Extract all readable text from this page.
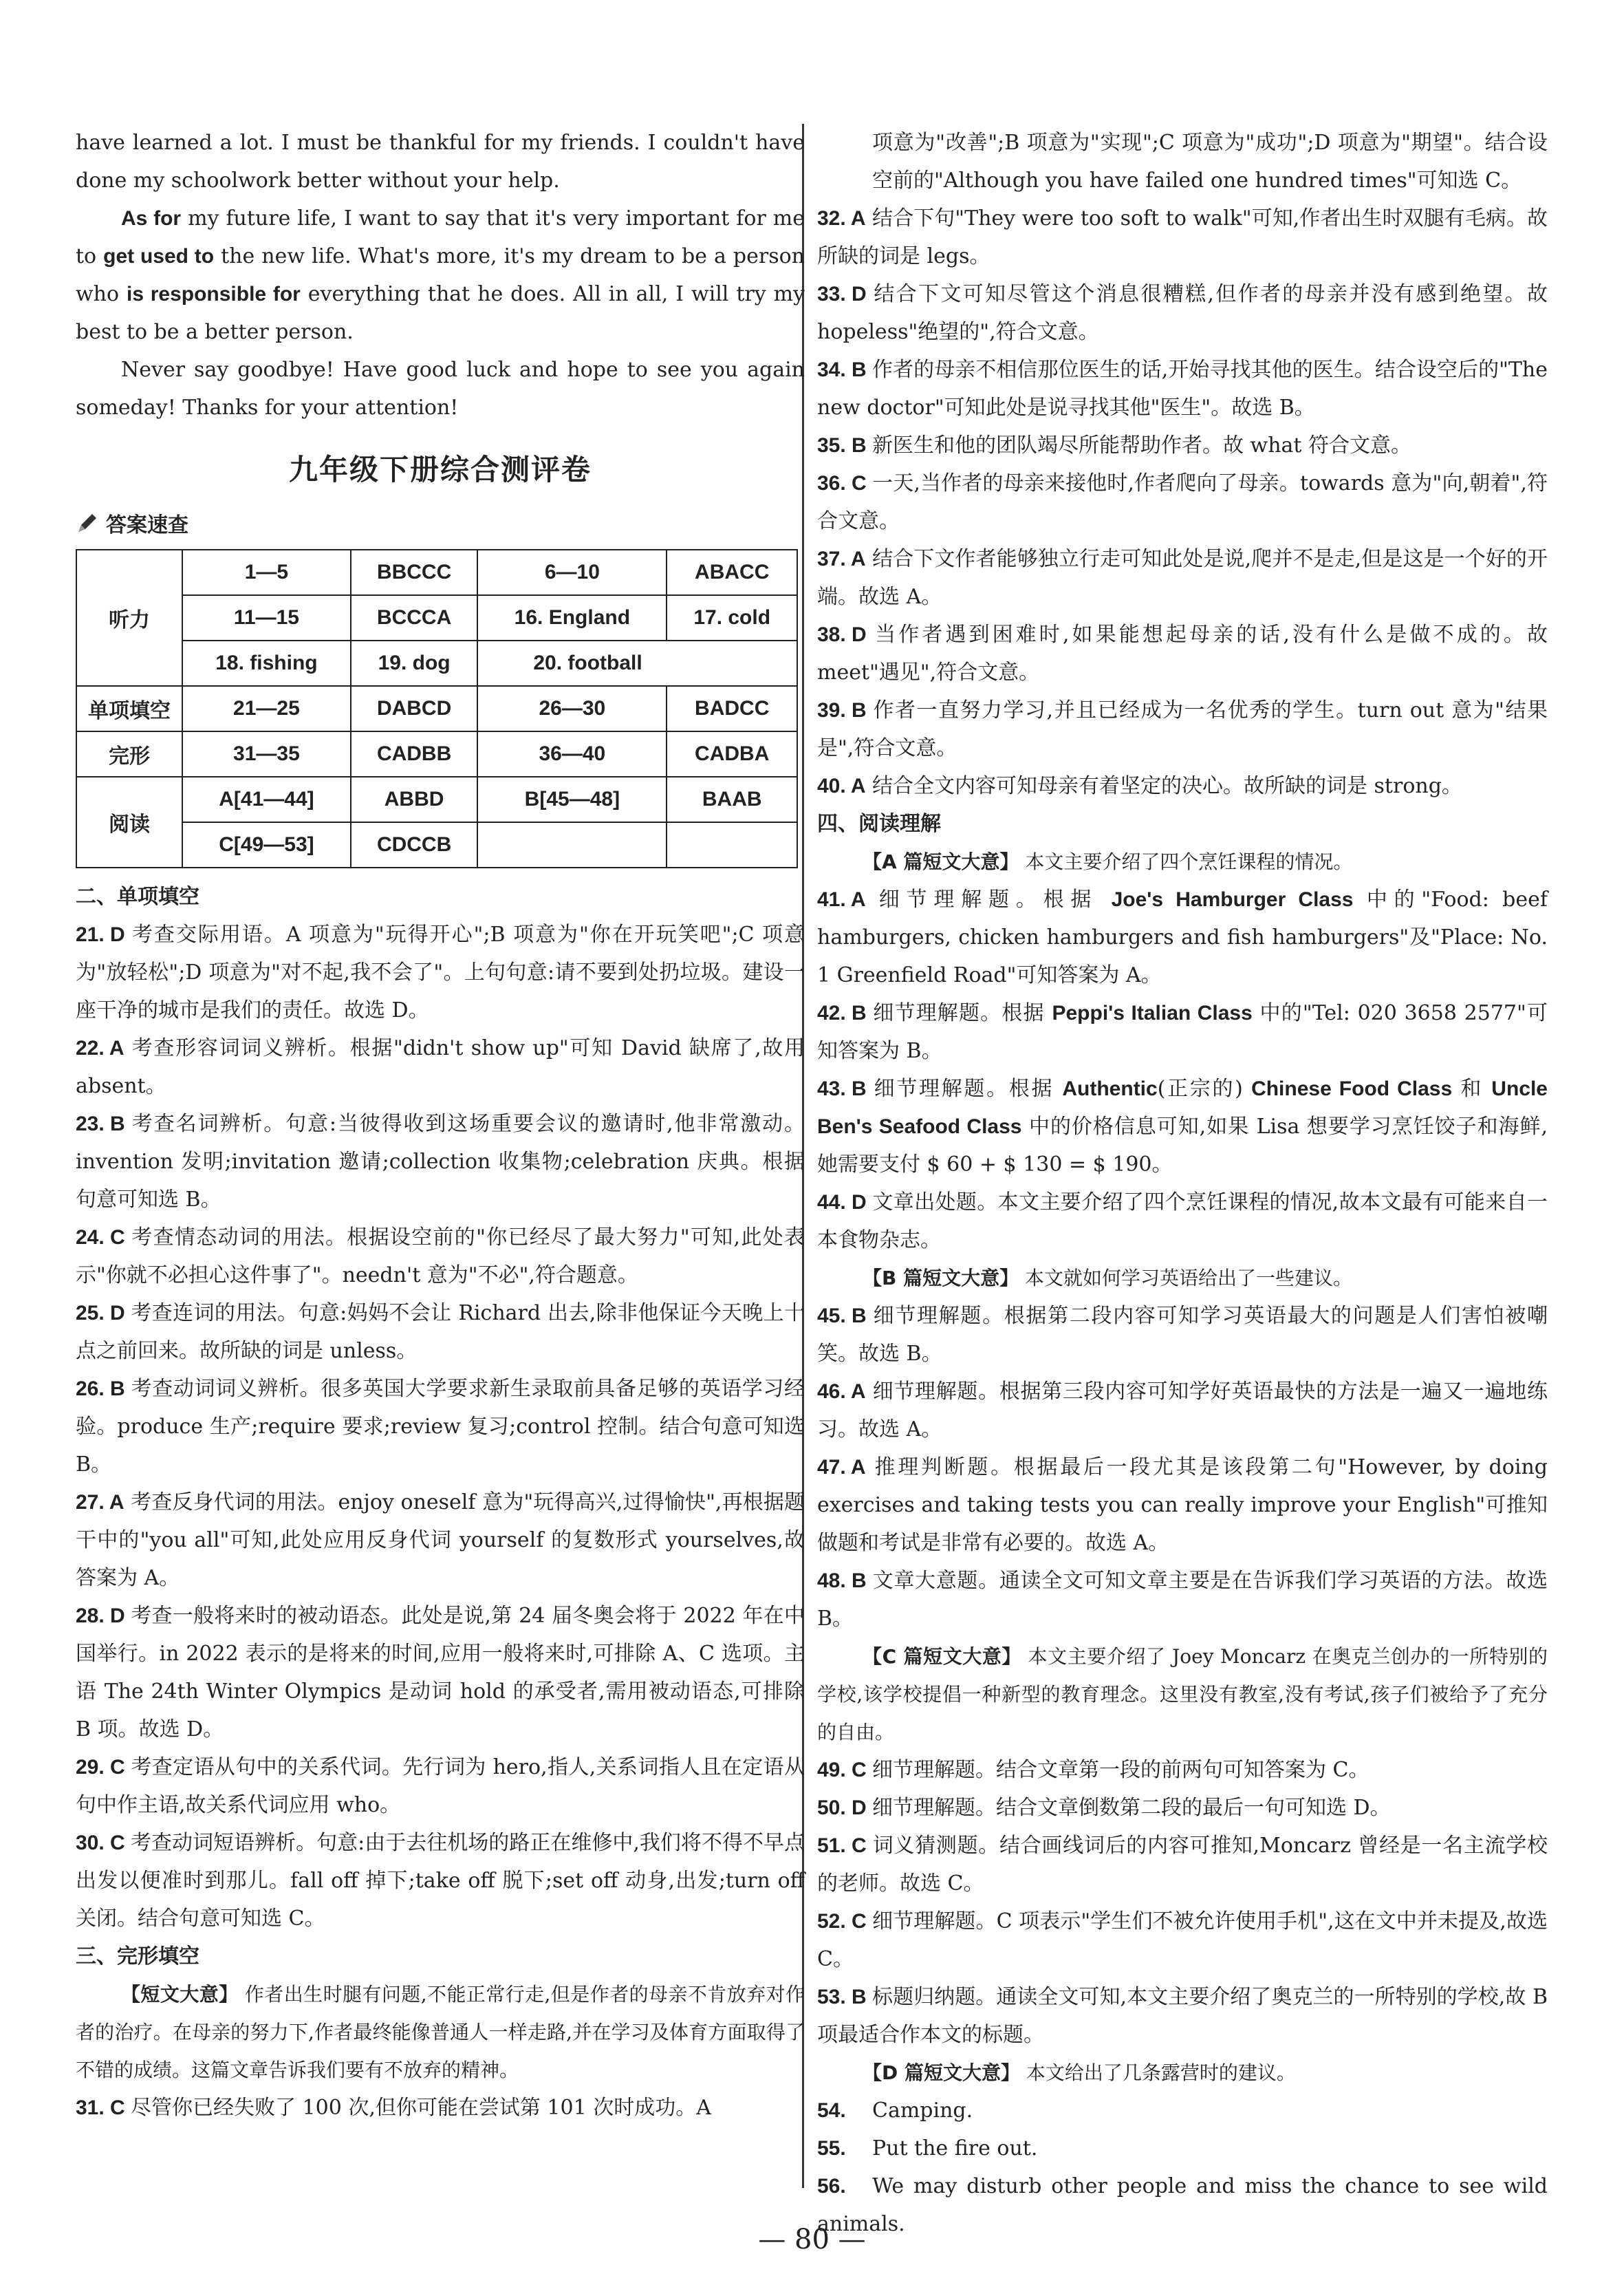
have learned a lot. I must be thankful for my friends. I couldn't have done my schoolwork better without your help.

As for my future life, I want to say that it's very important for me to get used to the new life. What's more, it's my dream to be a person who is responsible for everything that he does. All in all, I will try my best to be a better person.

Never say goodbye! Have good luck and hope to see you again someday! Thanks for your attention!

九年级下册综合测评卷
答案速查
听力	1—5	BBCCC	6—10	ABACC
	11—15	BCCCA	16. England	17. cold
	18. fishing	19. dog	20. football	
单项填空	21—25	DABCD	26—30	BADCC
完形	31—35	CADBB	36—40	CADBA
阅读	A[41—44]	ABBD	B[45—48]	BAAB
	C[49—53]	CDCCB		

二、单项填空

21. D 考查交际用语。A 项意为"玩得开心";B 项意为"你在开玩笑吧";C 项意为"放轻松";D 项意为"对不起,我不会了"。上句句意:请不要到处扔垃圾。建设一座干净的城市是我们的责任。故选 D。

22. A 考查形容词词义辨析。根据"didn't show up"可知 David 缺席了,故用 absent。

23. B 考查名词辨析。句意:当彼得收到这场重要会议的邀请时,他非常激动。invention 发明;invitation 邀请;collection 收集物;celebration 庆典。根据句意可知选 B。

24. C 考查情态动词的用法。根据设空前的"你已经尽了最大努力"可知,此处表示"你就不必担心这件事了"。needn't 意为"不必",符合题意。

25. D 考查连词的用法。句意:妈妈不会让 Richard 出去,除非他保证今天晚上十点之前回来。故所缺的词是 unless。

26. B 考查动词词义辨析。很多英国大学要求新生录取前具备足够的英语学习经验。produce 生产;require 要求;review 复习;control 控制。结合句意可知选 B。

27. A 考查反身代词的用法。enjoy oneself 意为"玩得高兴,过得愉快",再根据题干中的"you all"可知,此处应用反身代词 yourself 的复数形式 yourselves,故答案为 A。

28. D 考查一般将来时的被动语态。此处是说,第 24 届冬奥会将于 2022 年在中国举行。in 2022 表示的是将来的时间,应用一般将来时,可排除 A、C 选项。主语 The 24th Winter Olympics 是动词 hold 的承受者,需用被动语态,可排除 B 项。故选 D。

29. C 考查定语从句中的关系代词。先行词为 hero,指人,关系词指人且在定语从句中作主语,故关系代词应用 who。

30. C 考查动词短语辨析。句意:由于去往机场的路正在维修中,我们将不得不早点出发以便准时到那儿。fall off 掉下;take off 脱下;set off 动身,出发;turn off 关闭。结合句意可知选 C。

三、完形填空

【短文大意】 作者出生时腿有问题,不能正常行走,但是作者的母亲不肯放弃对作者的治疗。在母亲的努力下,作者最终能像普通人一样走路,并在学习及体育方面取得了不错的成绩。这篇文章告诉我们要有不放弃的精神。

31. C 尽管你已经失败了 100 次,但你可能在尝试第 101 次时成功。A

项意为"改善";B 项意为"实现";C 项意为"成功";D 项意为"期望"。结合设空前的"Although you have failed one hundred times"可知选 C。

32. A 结合下句"They were too soft to walk"可知,作者出生时双腿有毛病。故所缺的词是 legs。

33. D 结合下文可知尽管这个消息很糟糕,但作者的母亲并没有感到绝望。故 hopeless"绝望的",符合文意。

34. B 作者的母亲不相信那位医生的话,开始寻找其他的医生。结合设空后的"The new doctor"可知此处是说寻找其他"医生"。故选 B。

35. B 新医生和他的团队竭尽所能帮助作者。故 what 符合文意。

36. C 一天,当作者的母亲来接他时,作者爬向了母亲。towards 意为"向,朝着",符合文意。

37. A 结合下文作者能够独立行走可知此处是说,爬并不是走,但是这是一个好的开端。故选 A。

38. D 当作者遇到困难时,如果能想起母亲的话,没有什么是做不成的。故 meet"遇见",符合文意。

39. B 作者一直努力学习,并且已经成为一名优秀的学生。turn out 意为"结果是",符合文意。

40. A 结合全文内容可知母亲有着坚定的决心。故所缺的词是 strong。

四、阅读理解

【A 篇短文大意】 本文主要介绍了四个烹饪课程的情况。

41. A 细节理解题。根据 Joe's Hamburger Class 中的"Food: beef hamburgers, chicken hamburgers and fish hamburgers"及"Place: No. 1 Greenfield Road"可知答案为 A。

42. B 细节理解题。根据 Peppi's Italian Class 中的"Tel: 020 3658 2577"可知答案为 B。

43. B 细节理解题。根据 Authentic(正宗的) Chinese Food Class 和 Uncle Ben's Seafood Class 中的价格信息可知,如果 Lisa 想要学习烹饪饺子和海鲜,她需要支付 $ 60 + $ 130 = $ 190。

44. D 文章出处题。本文主要介绍了四个烹饪课程的情况,故本文最有可能来自一本食物杂志。

【B 篇短文大意】 本文就如何学习英语给出了一些建议。

45. B 细节理解题。根据第二段内容可知学习英语最大的问题是人们害怕被嘲笑。故选 B。

46. A 细节理解题。根据第三段内容可知学好英语最快的方法是一遍又一遍地练习。故选 A。

47. A 推理判断题。根据最后一段尤其是该段第二句"However, by doing exercises and taking tests you can really improve your English"可推知做题和考试是非常有必要的。故选 A。

48. B 文章大意题。通读全文可知文章主要是在告诉我们学习英语的方法。故选 B。

【C 篇短文大意】 本文主要介绍了 Joey Moncarz 在奥克兰创办的一所特别的学校,该学校提倡一种新型的教育理念。这里没有教室,没有考试,孩子们被给予了充分的自由。

49. C 细节理解题。结合文章第一段的前两句可知答案为 C。

50. D 细节理解题。结合文章倒数第二段的最后一句可知选 D。

51. C 词义猜测题。结合画线词后的内容可推知,Moncarz 曾经是一名主流学校的老师。故选 C。

52. C 细节理解题。C 项表示"学生们不被允许使用手机",这在文中并未提及,故选 C。

53. B 标题归纳题。通读全文可知,本文主要介绍了奥克兰的一所特别的学校,故 B 项最适合作本文的标题。

【D 篇短文大意】 本文给出了几条露营时的建议。

54. Camping.

55. Put the fire out.

56. We may disturb other people and miss the chance to see wild animals.

— 80 —
